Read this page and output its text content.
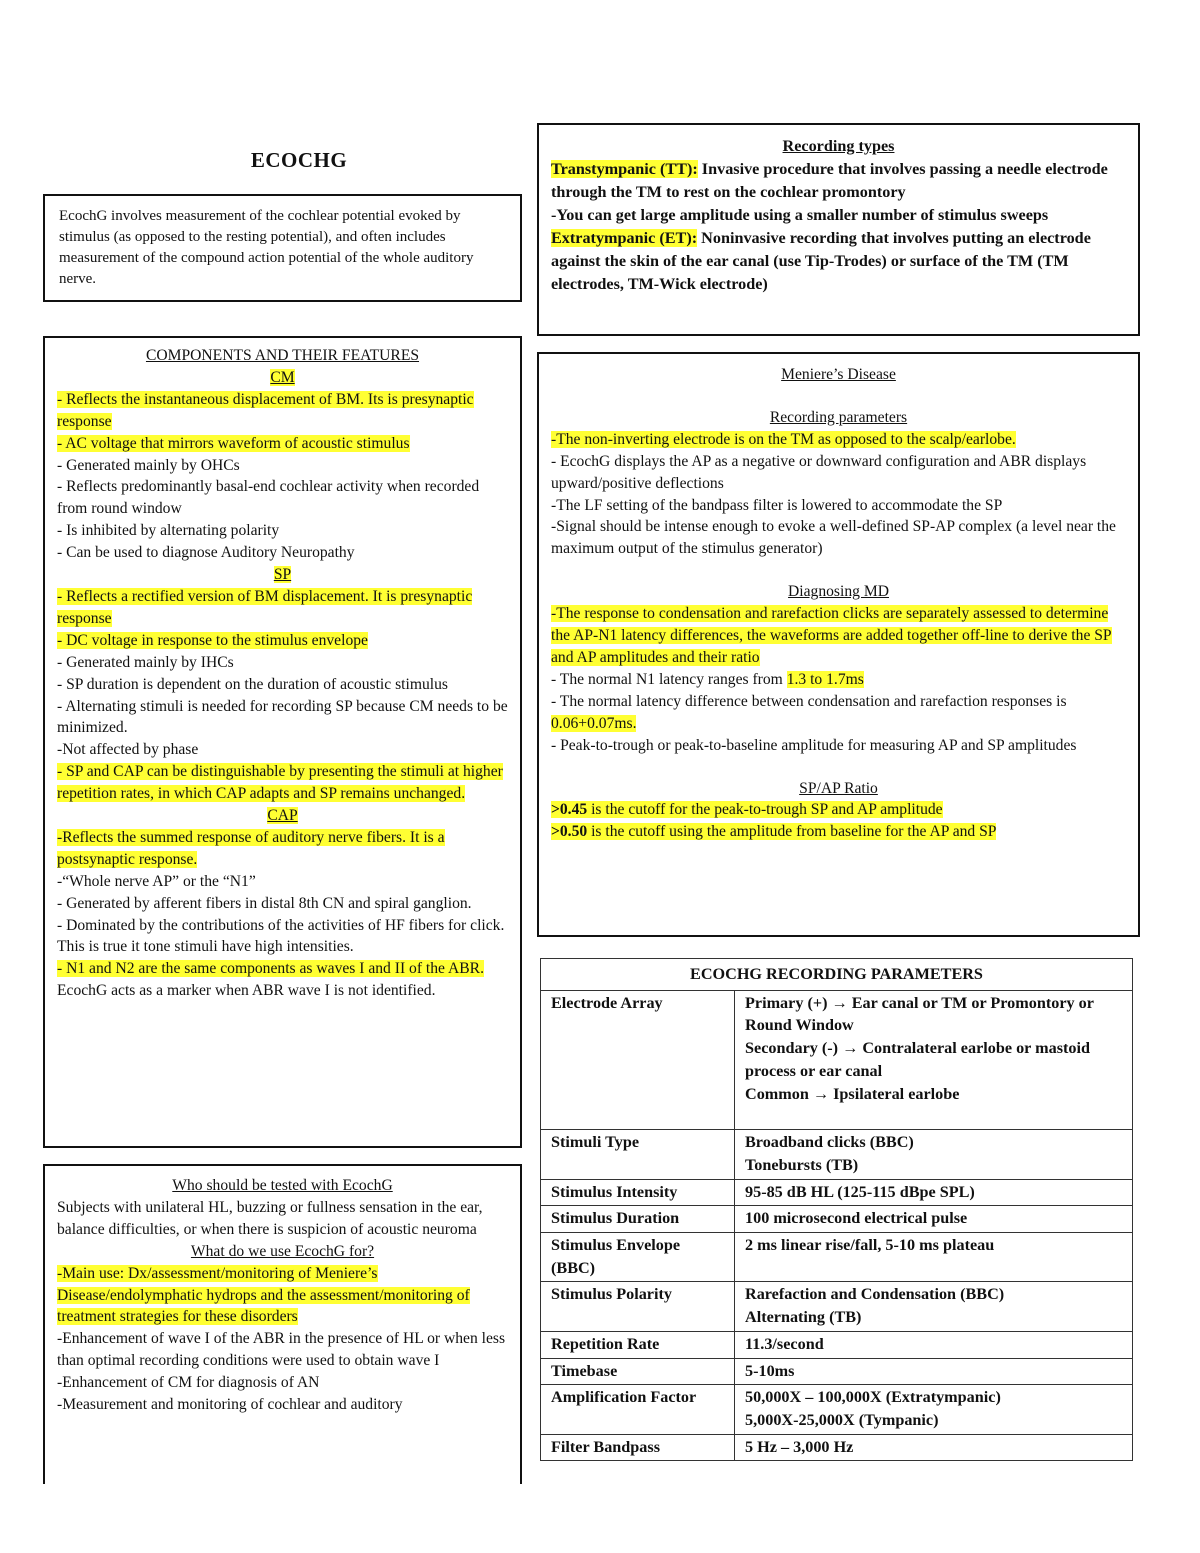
ECOCHG
EcochG involves measurement of the cochlear potential evoked by stimulus (as opposed to the resting potential), and often includes measurement of the compound action potential of the whole auditory nerve.
COMPONENTS AND THEIR FEATURES
CM
- Reflects the instantaneous displacement of BM. Its is presynaptic response
- AC voltage that mirrors waveform of acoustic stimulus
- Generated mainly by OHCs
- Reflects predominantly basal-end cochlear activity when recorded from round window
- Is inhibited by alternating polarity
- Can be used to diagnose Auditory Neuropathy
SP
- Reflects a rectified version of BM displacement. It is presynaptic response
- DC voltage in response to the stimulus envelope
- Generated mainly by IHCs
- SP duration is dependent on the duration of acoustic stimulus
- Alternating stimuli is needed for recording SP because CM needs to be minimized.
-Not affected by phase
- SP and CAP can be distinguishable by presenting the stimuli at higher repetition rates, in which CAP adapts and SP remains unchanged.
CAP
-Reflects the summed response of auditory nerve fibers. It is a postsynaptic response.
-“Whole nerve AP” or the “N1”
- Generated by afferent fibers in distal 8th CN and spiral ganglion.
- Dominated by the contributions of the activities of HF fibers for click. This is true it tone stimuli have high intensities.
- N1 and N2 are the same components as waves I and II of the ABR.
EcochG acts as a marker when ABR wave I is not identified.
Who should be tested with EcochG
Subjects with unilateral HL, buzzing or fullness sensation in the ear, balance difficulties, or when there is suspicion of acoustic neuroma
What do we use EcochG for?
-Main use: Dx/assessment/monitoring of Meniere’s Disease/endolymphatic hydrops and the assessment/monitoring of treatment strategies for these disorders
-Enhancement of wave I of the ABR in the presence of HL or when less than optimal recording conditions were used to obtain wave I
-Enhancement of CM for diagnosis of AN
-Measurement and monitoring of cochlear and auditory
Recording types
Transtympanic (TT): Invasive procedure that involves passing a needle electrode through the TM to rest on the cochlear promontory
-You can get large amplitude using a smaller number of stimulus sweeps
Extratympanic (ET): Noninvasive recording that involves putting an electrode against the skin of the ear canal (use Tip-Trodes) or surface of the TM (TM electrodes, TM-Wick electrode)
Meniere’s Disease
Recording parameters
-The non-inverting electrode is on the TM as opposed to the scalp/earlobe.
- EcochG displays the AP as a negative or downward configuration and ABR displays upward/positive deflections
-The LF setting of the bandpass filter is lowered to accommodate the SP
-Signal should be intense enough to evoke a well-defined SP-AP complex (a level near the maximum output of the stimulus generator)
Diagnosing MD
-The response to condensation and rarefaction clicks are separately assessed to determine the AP-N1 latency differences, the waveforms are added together off-line to derive the SP and AP amplitudes and their ratio
- The normal N1 latency ranges from 1.3 to 1.7ms
- The normal latency difference between condensation and rarefaction responses is 0.06+0.07ms.
- Peak-to-trough or peak-to-baseline amplitude for measuring AP and SP amplitudes
SP/AP Ratio
>0.45 is the cutoff for the peak-to-trough SP and AP amplitude
>0.50 is the cutoff using the amplitude from baseline for the AP and SP
ECOCHG RECORDING PARAMETERS	
Electrode Array	Primary (+) → Ear canal or TM or Promontory or Round Window
Secondary (-) → Contralateral earlobe or mastoid process or ear canal
Common → Ipsilateral earlobe

Stimuli Type	Broadband clicks (BBC)
Tonebursts (TB)

Stimulus Intensity	95-85 dB HL (125-115 dBpe SPL)

Stimulus Duration	100 microsecond electrical pulse

Stimulus Envelope (BBC)	2 ms linear rise/fall, 5-10 ms plateau

Stimulus Polarity	Rarefaction and Condensation (BBC)
Alternating (TB)

Repetition Rate	11.3/second

Timebase	5-10ms

Amplification Factor	50,000X – 100,000X (Extratympanic)
5,000X-25,000X (Tympanic)

Filter Bandpass	5 Hz – 3,000 Hz
